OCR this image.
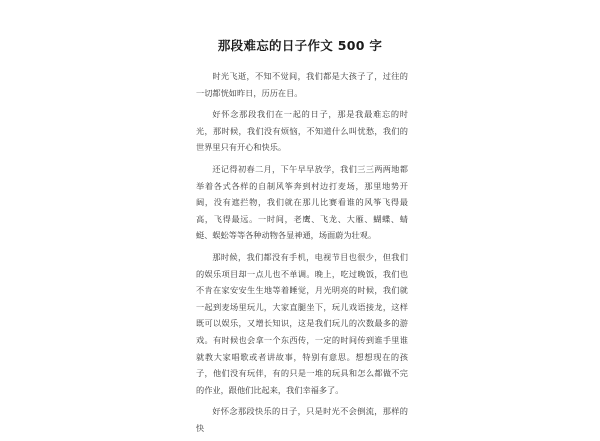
那段难忘的日子作文 500 字

时光飞逝，不知不觉间，我们都是大孩子了，过往的一切都恍如昨日，历历在目。

好怀念那段我们在一起的日子，那是我最难忘的时光，那时候，我们没有烦恼，不知道什么叫忧愁，我们的世界里只有开心和快乐。

还记得初春二月，下午早早放学，我们三三两两地都举着各式各样的自制风筝奔到村边打麦场，那里地势开阔，没有遮拦物，我们就在那儿比赛看谁的风筝飞得最高，飞得最远。一时间，老鹰、飞龙、大雁、蝴蝶、蜻蜓、蜈蚣等等各种动物各显神通，场面蔚为壮观。

那时候，我们都没有手机，电视节目也很少，但我们的娱乐项目却一点儿也不单调。晚上，吃过晚饭，我们也不肯在家安安生生地等着睡觉，月光明亮的时候，我们就一起到麦场里玩儿，大家直腿坐下，玩儿戏语接龙，这样既可以娱乐，又增长知识，这是我们玩儿的次数最多的游戏。有时候也会拿一个东西传，一定的时间传到谁手里谁就教大家唱歌或者讲故事，特别有意思。想想现在的孩子，他们没有玩伴，有的只是一堆的玩具和怎么都做不完的作业，跟他们比起来，我们幸福多了。

好怀念那段快乐的日子，只是时光不会倒流，那样的快
